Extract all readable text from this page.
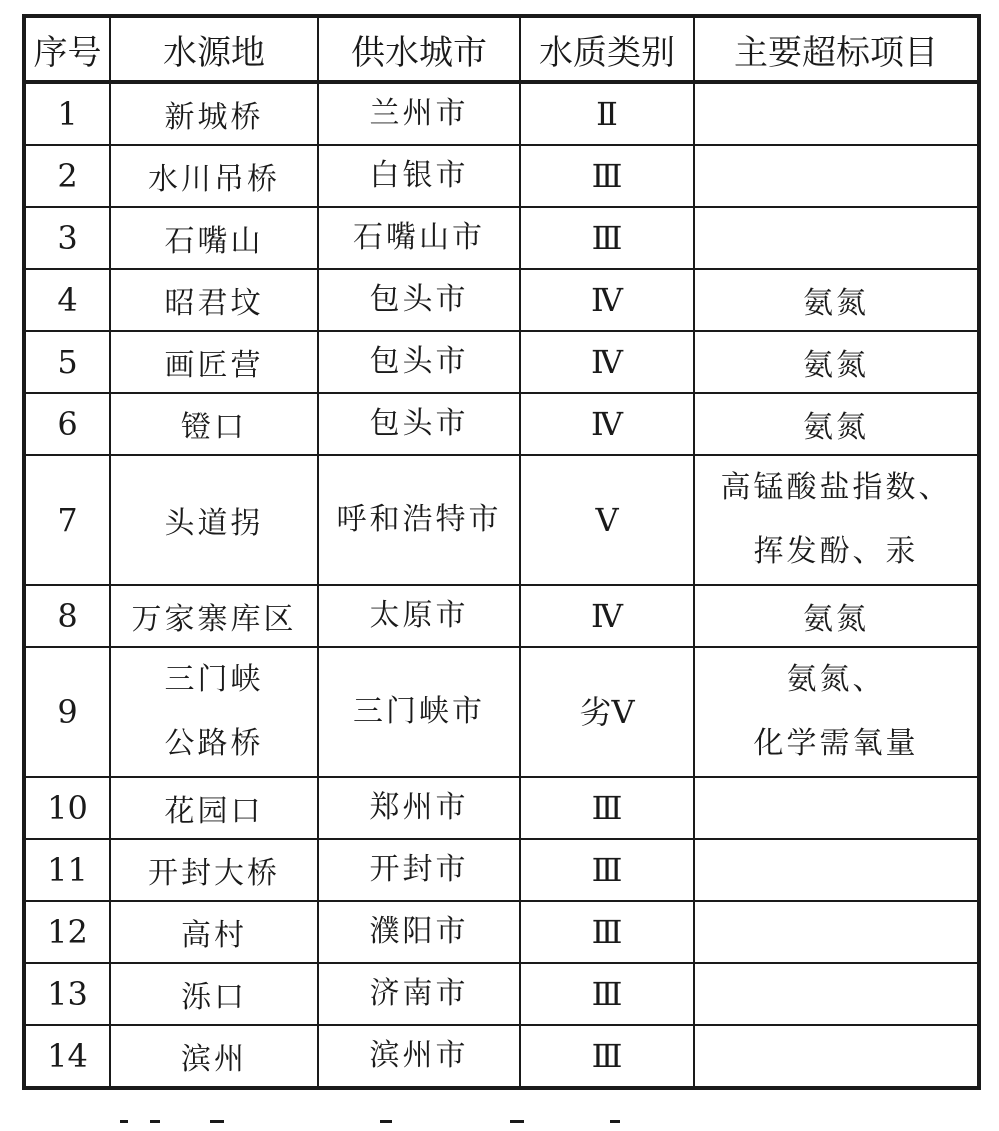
序号	水源地	供水城市	水质类别	主要超标项目
1	新城桥	兰州市	Ⅱ	
2	水川吊桥	白银市	Ⅲ	
3	石嘴山	石嘴山市	Ⅲ	
4	昭君坟	包头市	Ⅳ	氨氮

5	画匠营	包头市	Ⅳ	氨氮

6	镫口	包头市	Ⅳ	氨氮

7	头道拐	呼和浩特市	Ⅴ	高锰酸盐指数、
挥发酚、汞

8	万家寨库区	太原市	Ⅳ	氨氮

9	三门峡
公路桥	三门峡市	劣Ⅴ	氨氮、
化学需氧量

10	花园口	郑州市	Ⅲ	
11	开封大桥	开封市	Ⅲ	
12	高村	濮阳市	Ⅲ	
13	泺口	济南市	Ⅲ	
14	滨州	滨州市	Ⅲ	
